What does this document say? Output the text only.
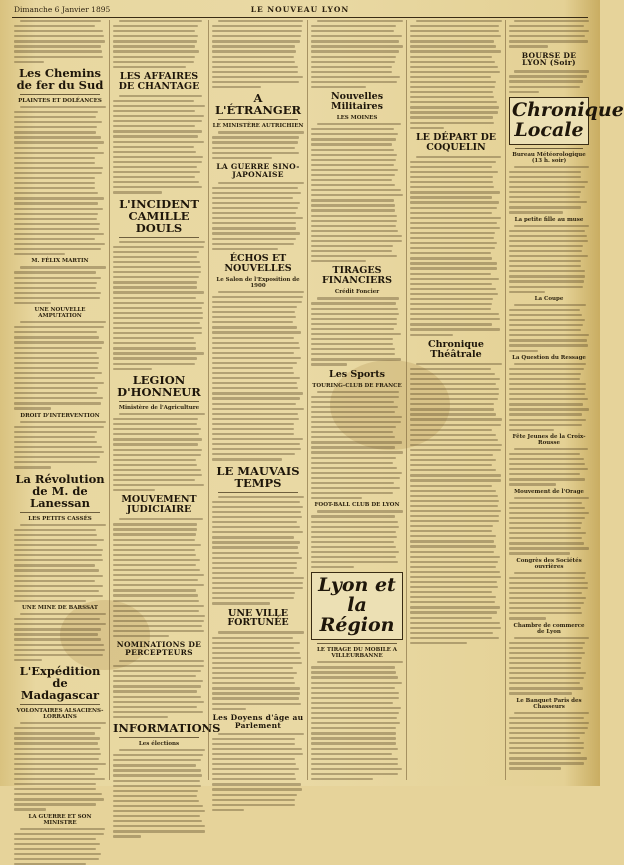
Dimanche 6 Janvier 1895	LE NOUVEAU LYON
Les Chemins de fer du Sud
PLAINTES ET DOLÉANCES
M. FÉLIX MARTIN
UNE NOUVELLE AMPUTATION
DROIT D'INTERVENTION
La Révolution de M. de Lanessan
LES PETITS CASSÉS
UNE MINE DE BARSSAT
L'Expédition de Madagascar
VOLONTAIRES ALSACIENS-LORRAINS
LA GUERRE ET SON MINISTRE
LES AFFAIRES DE CHANTAGE
L'INCIDENT CAMILLE DOULS
LEGION D'HONNEUR
Ministère de l'Agriculture
MOUVEMENT JUDICIAIRE
NOMINATIONS DE PERCEPTEURS
INFORMATIONS
Les élections
A L'ÉTRANGER
LE MINISTÈRE AUTRICHIEN
LA GUERRE SINO-JAPONAISE
ÉCHOS ET NOUVELLES
Le Salon de l'Exposition de 1900
LE MAUVAIS TEMPS
UNE VILLE FORTUNÉE
Les Doyens d'âge au Parlement
Nouvelles Militaires
LES MOINES
TIRAGES FINANCIERS
Crédit Foncier
Les Sports
TOURING-CLUB DE FRANCE
FOOT-BALL CLUB DE LYON
Lyon et la Région
LE TIRAGE DU MOBILE A VILLEURBANNE
LE DÉPART DE COQUELIN
Chronique Théâtrale
BOURSE DE LYON (Soir)
Chronique Locale
Bureau Météorologique (13 h. soir)
La petite fille au muse
La Coupe
La Question du Ressage
Fête Jeunes de la Croix-Rousse
Mouvement de l'Orage
Congrès des Sociétés ouvrières
Chambre de commerce de Lyon
Le Banquet Paris des Chasseurs
